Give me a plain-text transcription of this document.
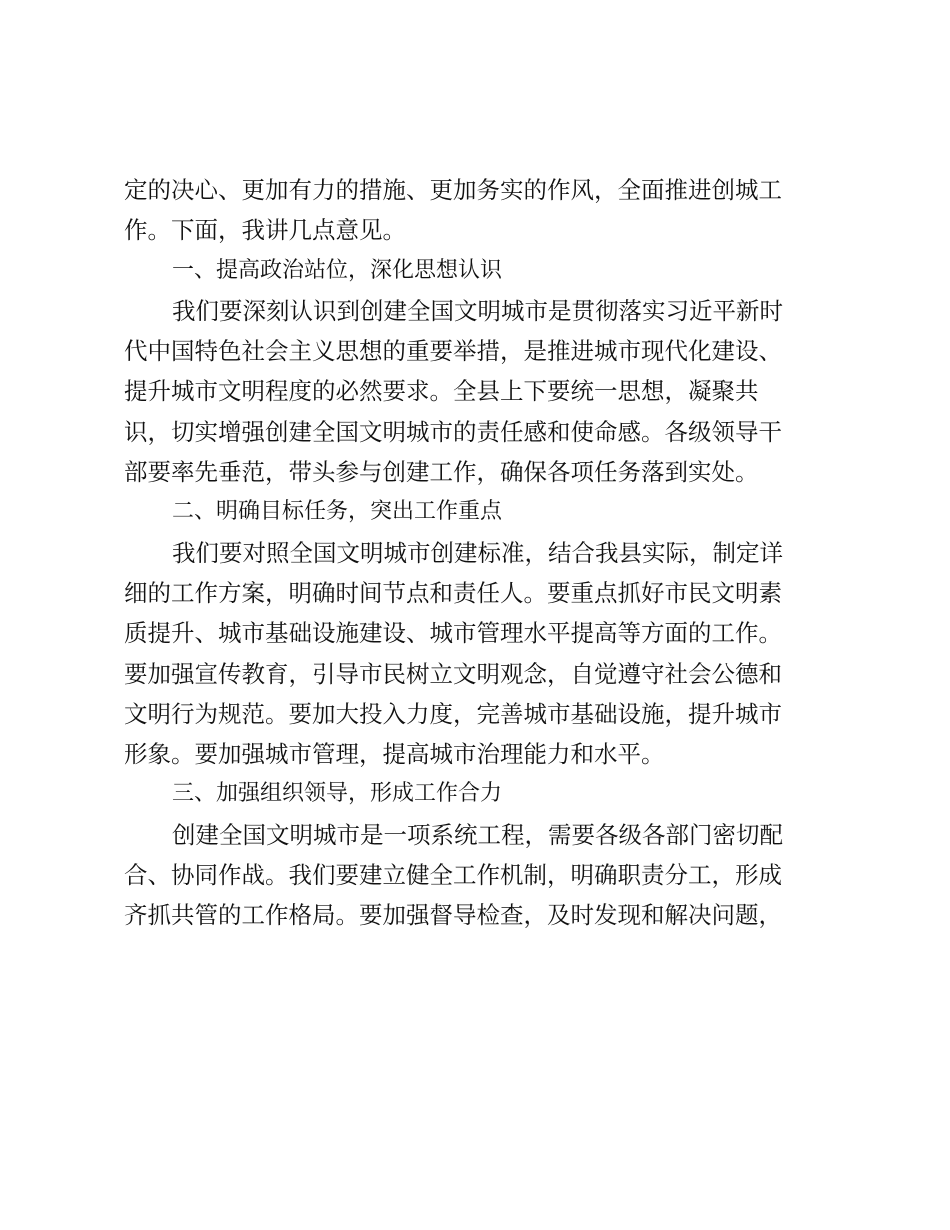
定的决心、更加有力的措施、更加务实的作风，全面推进创城工
作。下面，我讲几点意见。
一、提高政治站位，深化思想认识
我们要深刻认识到创建全国文明城市是贯彻落实习近平新时
代中国特色社会主义思想的重要举措，是推进城市现代化建设、
提升城市文明程度的必然要求。全县上下要统一思想，凝聚共
识，切实增强创建全国文明城市的责任感和使命感。各级领导干
部要率先垂范，带头参与创建工作，确保各项任务落到实处。
二、明确目标任务，突出工作重点
我们要对照全国文明城市创建标准，结合我县实际，制定详
细的工作方案，明确时间节点和责任人。要重点抓好市民文明素
质提升、城市基础设施建设、城市管理水平提高等方面的工作。
要加强宣传教育，引导市民树立文明观念，自觉遵守社会公德和
文明行为规范。要加大投入力度，完善城市基础设施，提升城市
形象。要加强城市管理，提高城市治理能力和水平。
三、加强组织领导，形成工作合力
创建全国文明城市是一项系统工程，需要各级各部门密切配
合、协同作战。我们要建立健全工作机制，明确职责分工，形成
齐抓共管的工作格局。要加强督导检查，及时发现和解决问题，
